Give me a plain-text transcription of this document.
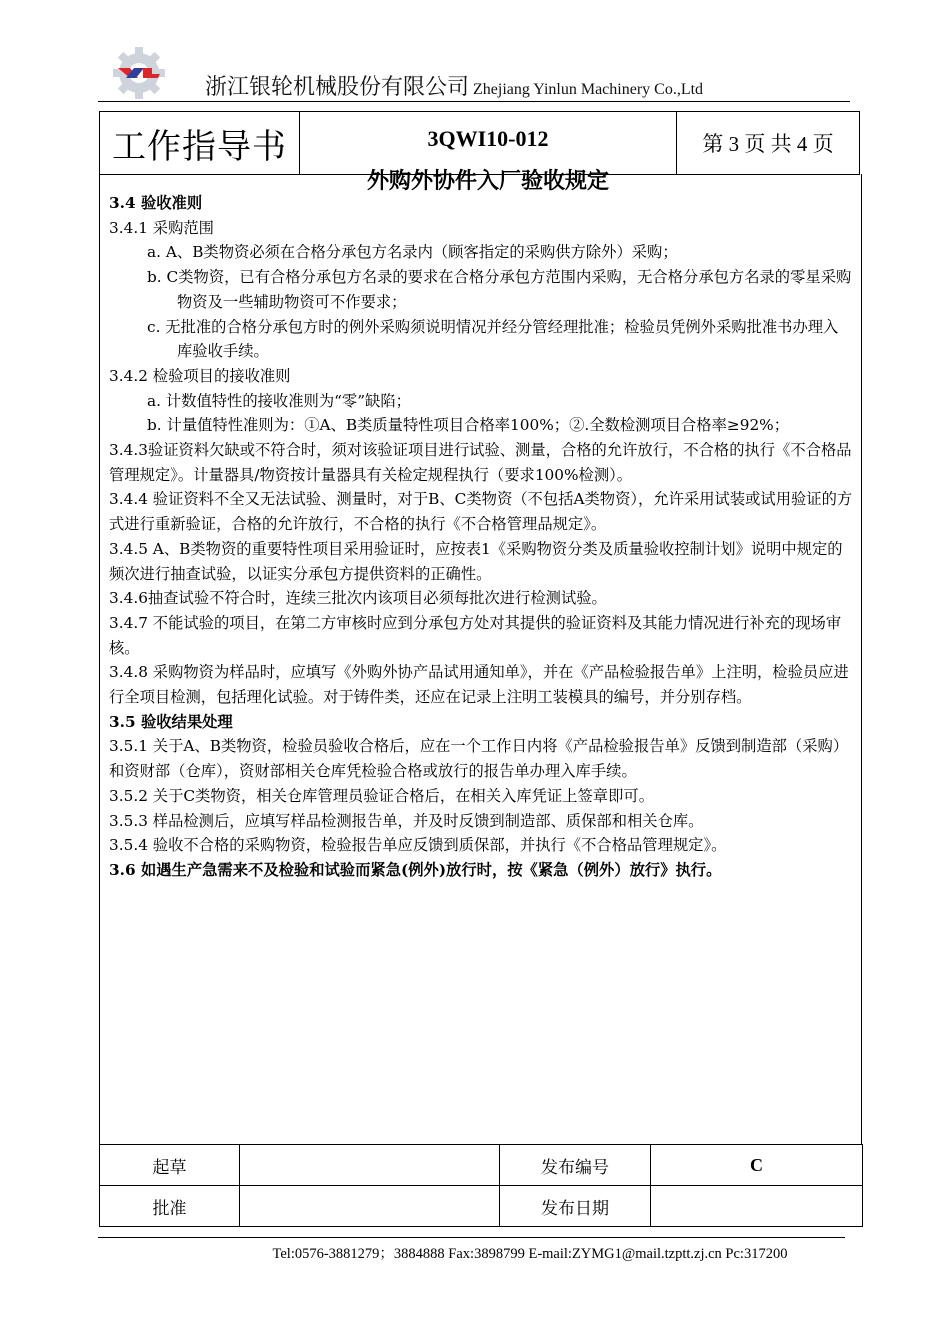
浙江银轮机械股份有限公司 Zhejiang Yinlun Machinery Co.,Ltd
工作指导书	3QWI10-012
外购外协件入厂验收规定
第 3 页 共 4 页

3.4 验收准则

3.4.1 采购范围

a. A、B类物资必须在合格分承包方名录内（顾客指定的采购供方除外）采购；

b. C类物资，已有合格分承包方名录的要求在合格分承包方范围内采购，无合格分承包方名录的零星采购物资及一些辅助物资可不作要求；

c. 无批准的合格分承包方时的例外采购须说明情况并经分管经理批准；检验员凭例外采购批准书办理入库验收手续。

3.4.2 检验项目的接收准则

a. 计数值特性的接收准则为“零”缺陷；

b. 计量值特性准则为：①A、B类质量特性项目合格率100%；②.全数检测项目合格率≥92%；

3.4.3验证资料欠缺或不符合时，须对该验证项目进行试验、测量，合格的允许放行，不合格的执行《不合格品管理规定》。计量器具/物资按计量器具有关检定规程执行（要求100%检测）。

3.4.4 验证资料不全又无法试验、测量时，对于B、C类物资（不包括A类物资），允许采用试装或试用验证的方式进行重新验证，合格的允许放行，不合格的执行《不合格管理品规定》。

3.4.5 A、B类物资的重要特性项目采用验证时，应按表1《采购物资分类及质量验收控制计划》说明中规定的频次进行抽查试验，以证实分承包方提供资料的正确性。

3.4.6抽查试验不符合时，连续三批次内该项目必须每批次进行检测试验。

3.4.7 不能试验的项目，在第二方审核时应到分承包方处对其提供的验证资料及其能力情况进行补充的现场审核。

3.4.8 采购物资为样品时，应填写《外购外协产品试用通知单》，并在《产品检验报告单》上注明，检验员应进行全项目检测，包括理化试验。对于铸件类，还应在记录上注明工装模具的编号，并分别存档。

3.5 验收结果处理

3.5.1 关于A、B类物资，检验员验收合格后，应在一个工作日内将《产品检验报告单》反馈到制造部（采购）和资财部（仓库），资财部相关仓库凭检验合格或放行的报告单办理入库手续。

3.5.2 关于C类物资，相关仓库管理员验证合格后，在相关入库凭证上签章即可。

3.5.3 样品检测后，应填写样品检测报告单，并及时反馈到制造部、质保部和相关仓库。

3.5.4 验收不合格的采购物资，检验报告单应反馈到质保部，并执行《不合格品管理规定》。

3.6 如遇生产急需来不及检验和试验而紧急(例外)放行时，按《紧急（例外）放行》执行。

起草		发布编号	C
批准		发布日期	
Tel:0576-3881279；3884888 Fax:3898799 E-mail:ZYMG1@mail.tzptt.zj.cn Pc:317200
